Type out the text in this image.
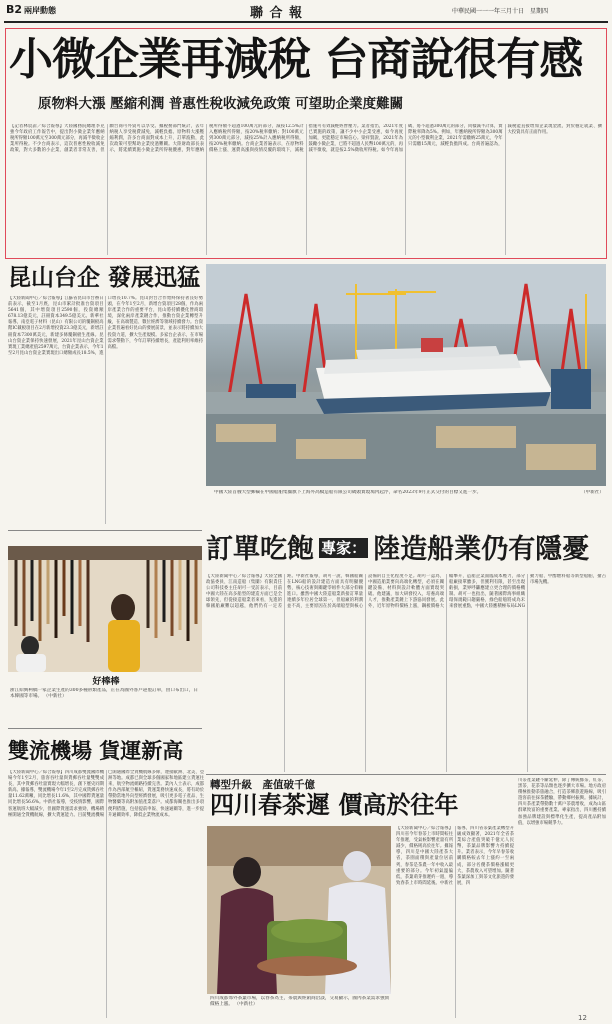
B2 兩岸動態	聯 合 報	中華民國一一一年三月十日　星期四
小微企業再減稅 台商說很有感
原物料大漲 壓縮利潤 普惠性稅收減免政策 可望助企業度難關
【記者林宸誼／綜合報導】大陸國務院總理李克強今年政府工作報告中，提出對小微企業年應納稅所得額100萬元至300萬元部分，再減半徵收企業所得稅。不少台商表示，這次普惠性稅收減免政策，對大多數的小企業、創業者非常友善，但願台商可外資可以享受。據稅務部門統計，去年納稅人享受稅費減免，減輕負擔。原物料大漲壓縮利潤，許多台商面對成本上升、訂單波動，此次政策可望幫助企業度過難關。大陸財政部長表示，將延續實施小微企業所得稅優惠，對年應納稅所得額不超過100萬元的部分，減按12.5%計入應納稅所得額，按20%稅率繳納；對100萬元到300萬元部分，減按25%計入應納稅所得額，按20%稅率繳納。台商企業普遍表示，在原物料價格上漲、運費高漲與疫情反覆的環境下，減稅措施可有效減輕經營壓力。業者指出，2021年度已實施的政策，讓不少中小企業受惠，如今再度加碼，更能穩定市場信心。梁祥賢說，2021年為鼓勵小微企業，已將不超過人民幣100萬元的，再減半徵收，就是按2.5%徵收所得稅。如今年再加碼，將不超過300萬元的部分，同樣減半計算，實際稅率降為5%。例如，年應納稅所得額為300萬元的小型微利企業，2021年需繳納25萬元，今年只需繳15萬元，減輕負擔四成。台商普遍認為，減稅能直接增加企業現金流，對於穩定就業、擴大投資具有正面作用。
昆山台企 發展迅猛
【大陸新聞中心／綜合報導】江蘇省昆山市台辦日前表示，截至1月底，昆山市累計批准台資項目5641個，其中增資項目2590個，投資總額678.13億美元，註冊資本349.5億美元。新華社報導，南亞電子材料（昆山）有限公司的覆銅板高階IC載板項目在2月新增投資23.3億美元，新增註冊資本7300萬美元，新建多條覆銅板生產線。昆山台資企業保持快速發展，2021年昆山台資企業實現工業總產值2597萬元，台資企業表示，今年1至2月昆山台資企業實現出口總額成長18.5%，進口增長10.7%。昆山對台合作始終保持著良好勢頭，在今年1至2月，新增台資項目28個，作為兩岸產業合作的重要平台，昆山將持續優化營商環境，深化兩岸產業鏈合作，推動台資企業轉型升級，在高端製造、數位經濟等領域持續發力。台資企業普遍看好昆山的發展前景，並表示將持續加大投資力道，擴大生產規模。多家台企表示，在市場需求帶動下，今年訂單持續增長，產能利用率維持高檔。
中國大陸首艘大型郵輪在中國船舶集團旗下上海外高橋造船有限公司碼頭實現塢內起浮，命名2023年9月正式交付的目標又進一步。	（中新社）
訂單吃飽 專家： 陸造船業仍有隱憂
【大陸新聞中心／綜合報導】大陸全國政協委員、江南造船（集團）有限責任公司科技委主任胡可一受訪表示，目前中國大陸在高多船型的建造方面已是全球領先，但從接造船業者來看，先進的韓國船廠難以超越，他們仍有一定差距。中新社報導，胡可一說，韓國船廠在LNG船的設計建造方面具有明顯優勢，核心技術與關鍵零組件大部分仰賴進口。雖然中國大陸造船業新接訂單量連續多年位居全球第一，但船廠的利潤並不高，主要原因在於高端船型與核心設備的自主化程度不足。胡可一認為，中國造船業要向高端化轉型，必須在關鍵設備、材料與設計軟體方面實現突破。他建議，加大研發投入，培養高端人才，推動產業鏈上下游協同發展。此外，近年原物料價格上漲，鋼板價格大幅攀升，造船企業面臨成本壓力，部分船廠接單雖多，但獲利有限，甚至出現虧損，業界呼籲應建立更合理的價格機制。胡可一也指出，隨著國際海事組織環保規範日趨嚴格，綠色船舶將成為未來發展重點，中國大陸應積極布局LNG動力船、甲醇燃料船等新型船舶，搶占市場先機。
好棒棒
浙江紹興柯橋一家企業生產的300多種帶類產品，正在為國外客戶趕製訂單，由口布出口，日本韓國等市場。 （中新社）
雙流機場 貨運新高
【大陸新聞中心／綜合報導】四川成都雙流國際機場今年1至2月，旅客吞吐量與貨郵吞吐量雙雙成長，其中貨郵吞吐量實現大幅增長，創下歷史同期新高。據報導，雙流機場今年1至2月完成貨郵吞吐量11.62萬噸，同比增長11.6%，其中國際貨運量同比增長56.6%。中新社報導，受疫情影響，國際客運航班大幅減少，但國際貨運需求強勁，機場積極開通全貨機航線，擴大貨運能力。目前雙流機場已開通國際全貨機航線多條，連接歐洲、北美、亞洲等地。成都已與全球多個國家和地區建立貨運往來，航空物流網路持續完善。業內人士表示，成都作為西部航空樞紐，貨運業務快速成長，將有助於帶動當地外向型經濟發展，吸引更多電子產品、生物醫藥等高附加值產業落戶。成都海關也推出多項便利措施，包括提前申報、快速通關等，進一步提升通關效率，降低企業物流成本。
轉型升級　產值破千億
四川春茶遲 價高於往年
【大陸新聞中心／綜合報導】四川省今年春茶上市時間較往年推遲，受氣候影響產量有所減少，價格則高於往年。據報導，四川是中國大陸產茶大省，茶園面積與產量位居前列，春茶是茶農一年中收入最重要的部分。今年初氣溫偏低，茶葉萌芽推遲約一週，導致春茶上市時間延後。中新社報導，四川省茶葉產業轉型升級成效顯著，2021年全省茶業綜合產值突破千億元人民幣，茶葉品牌影響力持續提升。業者表示，今年早春茶收購價格較去年上漲約一至兩成，部分名優茶價格漲幅更大，茶農收入可望增加。隨著茶葉深加工與茶文化旅遊的發展，四
川茶產業鏈不斷延伸，除了傳統綠茶，紅茶、黑茶、花茶等品類也逐步擴大市場。地方政府積極推動茶旅融合，打造茶鄉旅遊路線，吸引遊客前往採茶體驗，帶動鄉村振興。據統計，四川茶產業帶動數十萬戶茶農增收，成為山區群眾致富的重要產業。專家指出，四川應持續加強品牌建設與標準化生產，提高產品附加值，以增強市場競爭力。
四川成都郊外茶葉市場，以春茶為主，茶農與經銷商洽談，交易顯示，國內茶業需求強勁價格上漲。 （中新社）
12
